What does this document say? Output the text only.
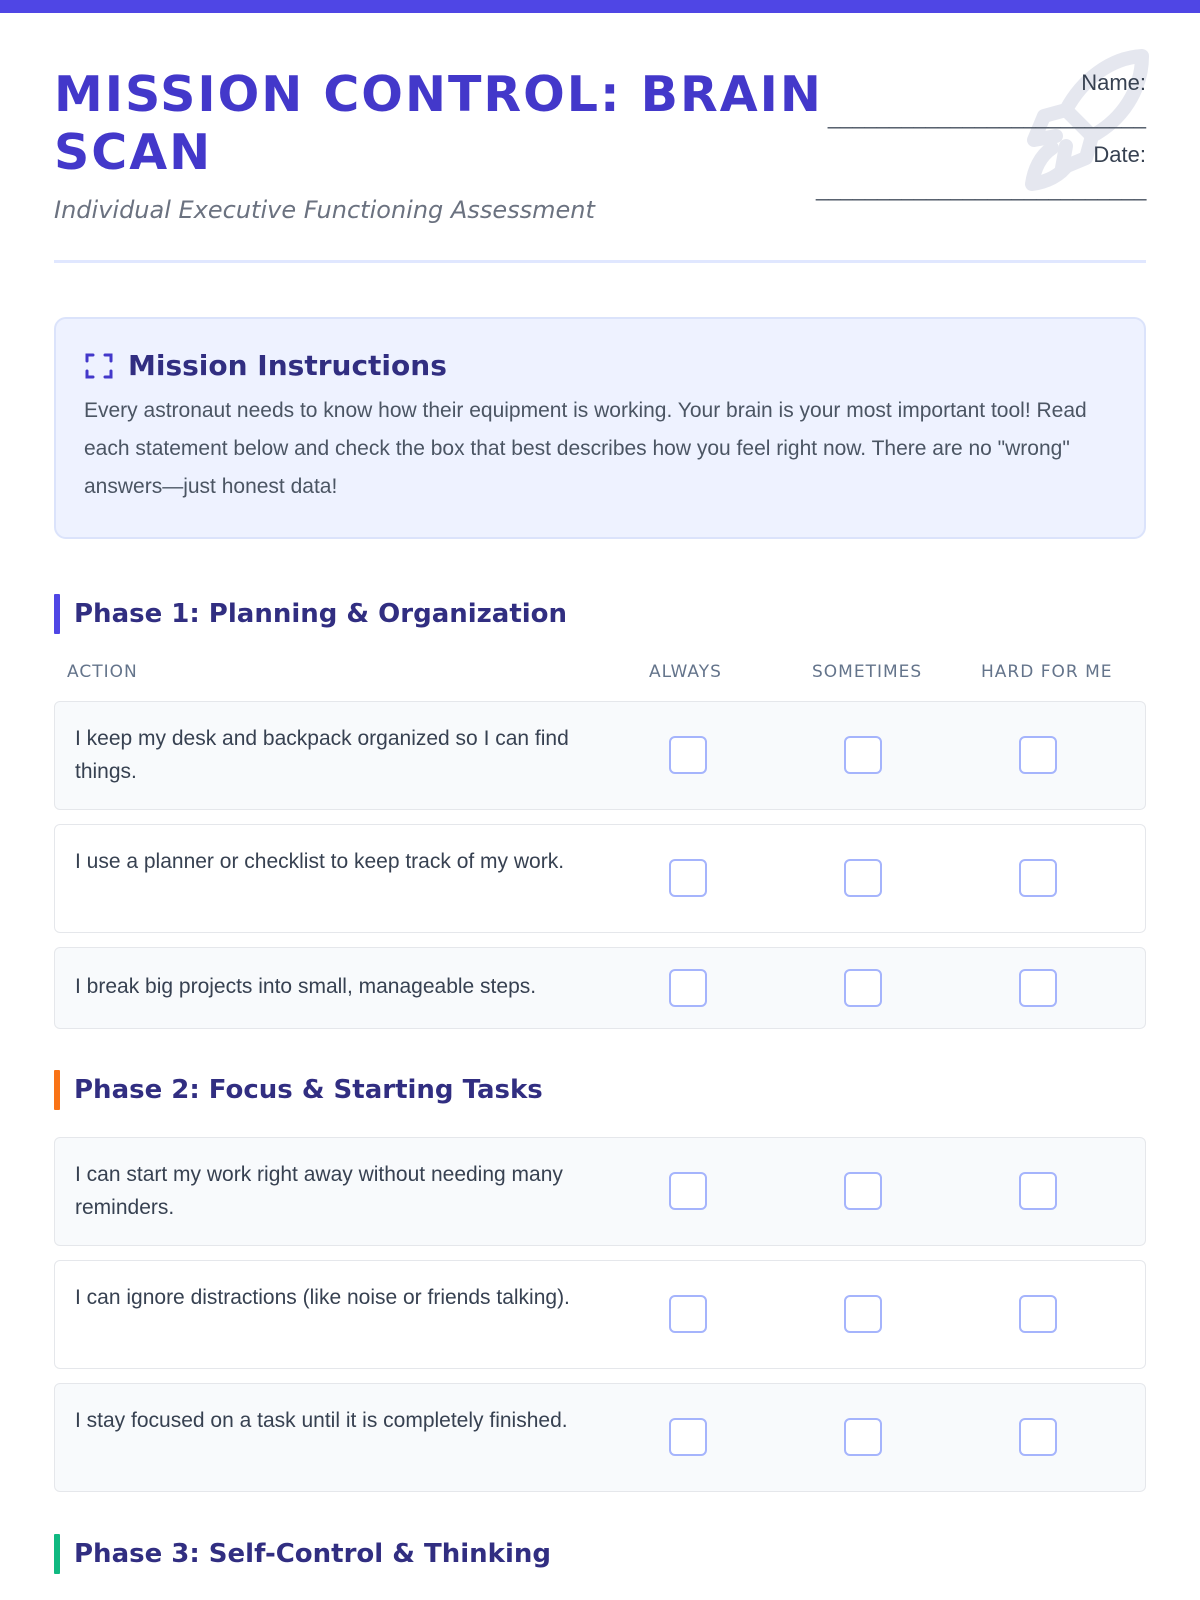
MISSION CONTROL: BRAIN SCAN
Individual Executive Functioning Assessment
Name:
__________________________
Date:
___________________________
Mission Instructions
Every astronaut needs to know how their equipment is working. Your brain is your most important tool! Read each statement below and check the box that best describes how you feel right now. There are no "wrong" answers—just honest data!
Phase 1: Planning & Organization
ACTION	ALWAYS	SOMETIMES	HARD FOR ME
I keep my desk and backpack organized so I can find things.
I use a planner or checklist to keep track of my work.
I break big projects into small, manageable steps.
Phase 2: Focus & Starting Tasks
I can start my work right away without needing many reminders.
I can ignore distractions (like noise or friends talking).
I stay focused on a task until it is completely finished.
Phase 3: Self-Control & Thinking
